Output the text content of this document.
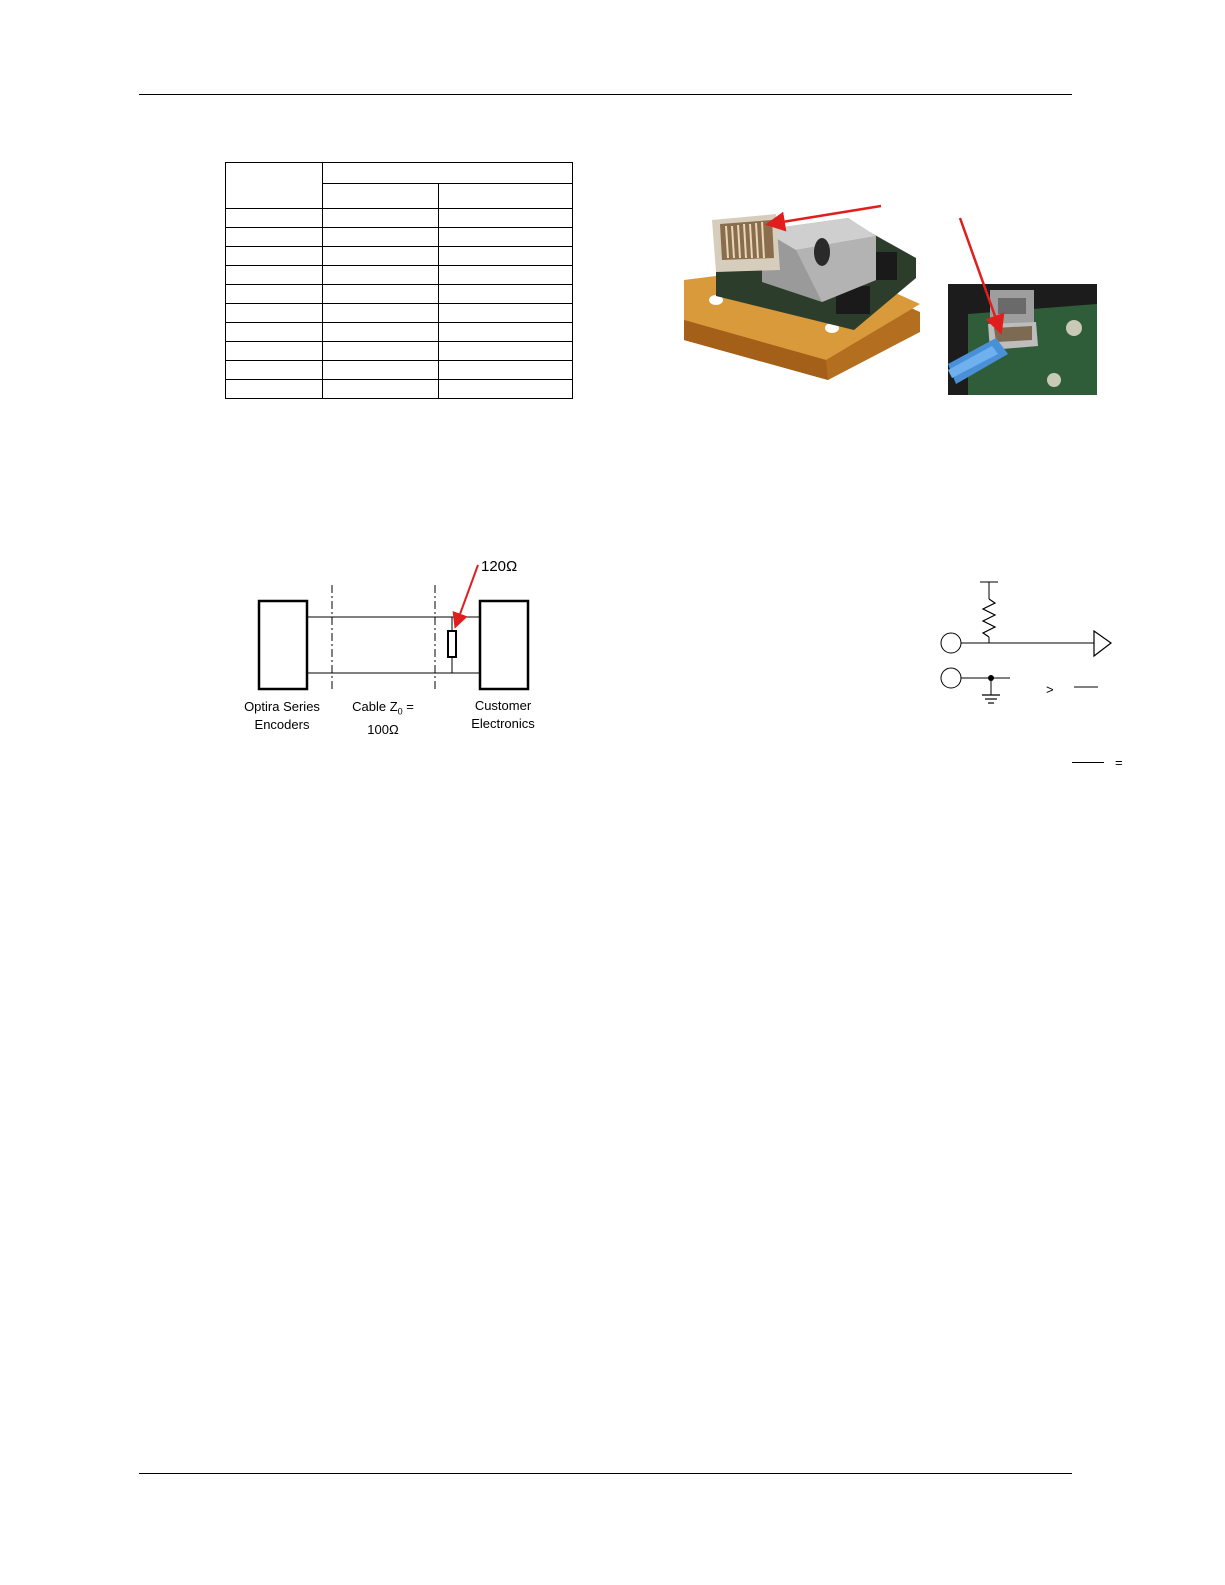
120Ω
Optira Series Encoders
Cable $Z_0$ =
100Ω
Customer Electronics
>
=
